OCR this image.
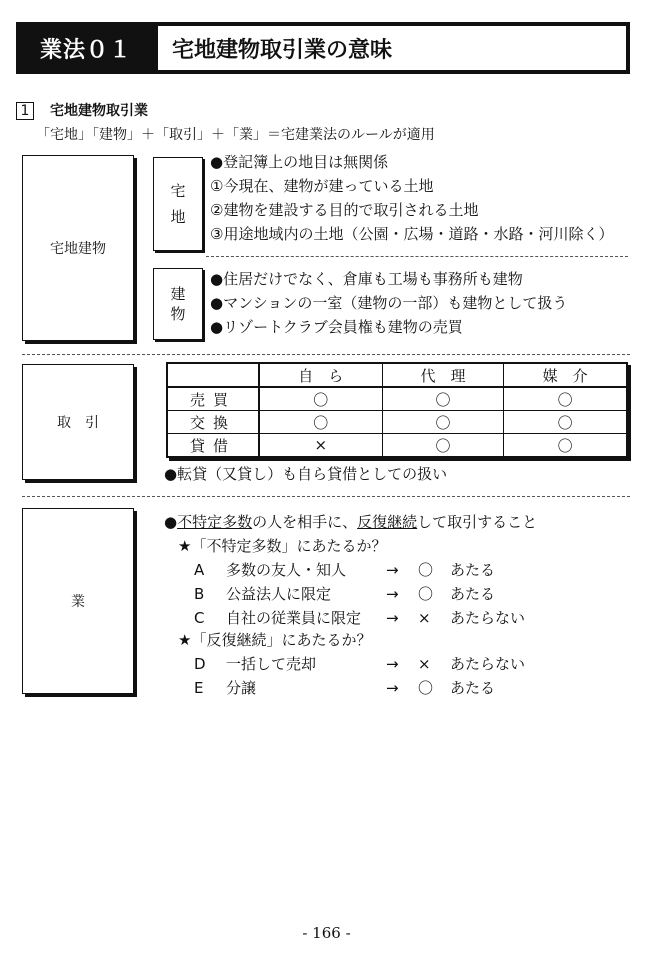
業法０１	宅地建物取引業の意味
1	宅地建物取引業
「宅地」「建物」＋「取引」＋「業」＝宅建業法のルールが適用
宅地建物
宅
地
●登記簿上の地目は無関係
①今現在、建物が建っている土地
②建物を建設する目的で取引される土地
③用途地域内の土地（公園・広場・道路・水路・河川除く）
建
物
●住居だけでなく、倉庫も工場も事務所も建物
●マンションの一室（建物の一部）も建物として扱う
●リゾートクラブ会員権も建物の売買
取　引
	自　ら	代　理	媒　介
売買	〇	〇	〇
交換	〇	〇	〇
貸借	×	〇	〇
●転貸（又貸し）も自ら貸借としての扱い
業
●不特定多数の人を相手に、反復継続して取引すること
★「不特定多数」にあたるか？
A 多数の友人・知人	→ 〇 あたる
B 公益法人に限定	→ 〇 あたる
C 自社の従業員に限定 → × あたらない
★「反復継続」にあたるか？
D 一括して売却	→ × あたらない
E 分譲	→ 〇 あたる
- 166 -
